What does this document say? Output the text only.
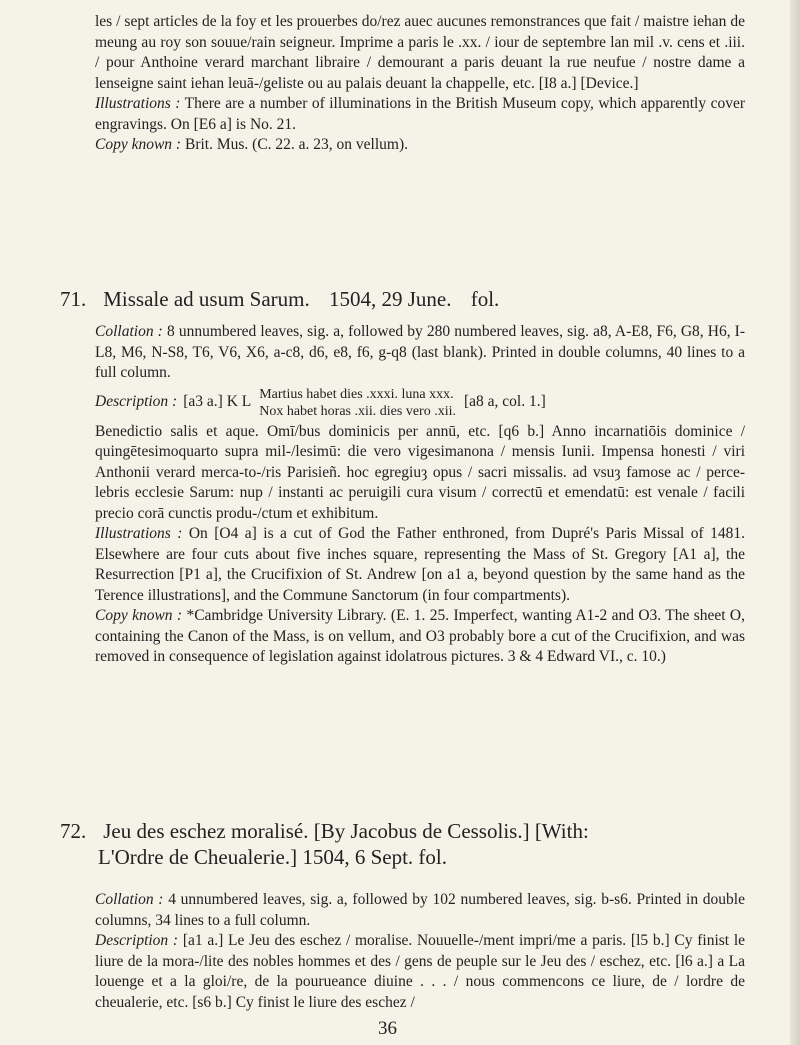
les / sept articles de la foy et les prouerbes do/rez auec aucunes remonstrances que fait / maistre iehan de meung au roy son souue/rain seigneur. Imprime a paris le .xx. / iour de septembre lan mil .v. cens et .iii. / pour Anthoine verard marchant libraire / demourant a paris deuant la rue neufue / nostre dame a lenseigne saint iehan leuā-/geliste ou au palais deuant la chappelle, etc. [I8 a.] [Device.]

Illustrations : There are a number of illuminations in the British Museum copy, which apparently cover engravings. On [E6 a] is No. 21.

Copy known : Brit. Mus. (C. 22. a. 23, on vellum).

71. Missale ad usum Sarum. 1504, 29 June. fol.

Collation : 8 unnumbered leaves, sig. a, followed by 280 numbered leaves, sig. a8, A-E8, F6, G8, H6, I-L8, M6, N-S8, T6, V6, X6, a-c8, d6, e8, f6, g-q8 (last blank). Printed in double columns, 40 lines to a full column.

Description : [a3 a.] K L Martius habet dies .xxxi. luna xxx.
Nox habet horas .xii. dies vero .xii.
[a8 a, col. 1.]

Benedictio salis et aque. Omī/bus dominicis per annū, etc. [q6 b.] Anno incarnatiōis dominice / quingētesimoquarto supra mil-/lesimū: die vero vigesimanona / mensis Iunii. Impensa honesti / viri Anthonii verard merca-to-/ris Parisieñ. hoc egregiuȝ opus / sacri missalis. ad vsuȝ famose ac / perce-lebris ecclesie Sarum: nup / instanti ac peruigili cura visum / correctū et emendatū: est venale / facili precio corā cunctis produ-/ctum et exhibitum.

Illustrations : On [O4 a] is a cut of God the Father enthroned, from Dupré's Paris Missal of 1481. Elsewhere are four cuts about five inches square, representing the Mass of St. Gregory [A1 a], the Resurrection [P1 a], the Crucifixion of St. Andrew [on a1 a, beyond question by the same hand as the Terence illustrations], and the Commune Sanctorum (in four compartments).

Copy known : *Cambridge University Library. (E. 1. 25. Imperfect, wanting A1-2 and O3. The sheet O, containing the Canon of the Mass, is on vellum, and O3 probably bore a cut of the Crucifixion, and was removed in consequence of legislation against idolatrous pictures. 3 & 4 Edward VI., c. 10.)

72. Jeu des eschez moralisé. [By Jacobus de Cessolis.] [With:
L'Ordre de Cheualerie.] 1504, 6 Sept. fol.

Collation : 4 unnumbered leaves, sig. a, followed by 102 numbered leaves, sig. b-s6. Printed in double columns, 34 lines to a full column.

Description : [a1 a.] Le Jeu des eschez / moralise. Nouuelle-/ment impri/me a paris. [l5 b.] Cy finist le liure de la mora-/lite des nobles hommes et des / gens de peuple sur le Jeu des / eschez, etc. [l6 a.] a La louenge et a la gloi/re, de la pourueance diuine . . . / nous commencons ce liure, de / lordre de cheualerie, etc. [s6 b.] Cy finist le liure des eschez /

36
